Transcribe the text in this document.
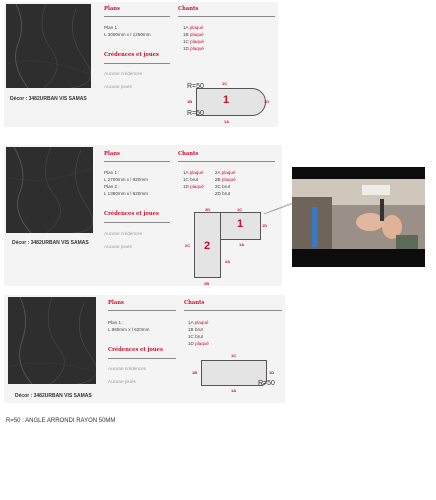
Décor : 3482URBAN VIS SAMAS
Plans	Chants
Plan 1 :
L 3000mm x l 1250mm
1A plaqué
1B plaqué
1C plaqué
1D plaqué
Crédences et joues
Aucune crédences
Aucune joues
1
1C
1B
1A
1D
R=50
R=50
Décor : 3482URBAN VIS SAMAS
Plans	Chants
Plan 1 :
L 2700mm x l 620mm
Plan 2 :
L 1380mm x l 620mm
1A plaqué
1C brut
1D plaqué
2A plaqué
2B plaqué
2C brut
2D brut
Crédences et joues
Aucune crédences
Aucune joues	2
1
2D	1C
1D
2C	1A
2A
2B
Décor : 3482URBAN VIS SAMAS
Plans	Chants
Plan 1 :
L 860mm x l 620mm
1A plaqué
1B brut
1C brut
1D plaqué
Crédences et joues
Aucune crédences
Aucune joues
1C
1B
1A
1D
R=50
R=50 : ANGLE ARRONDI RAYON 50MM
